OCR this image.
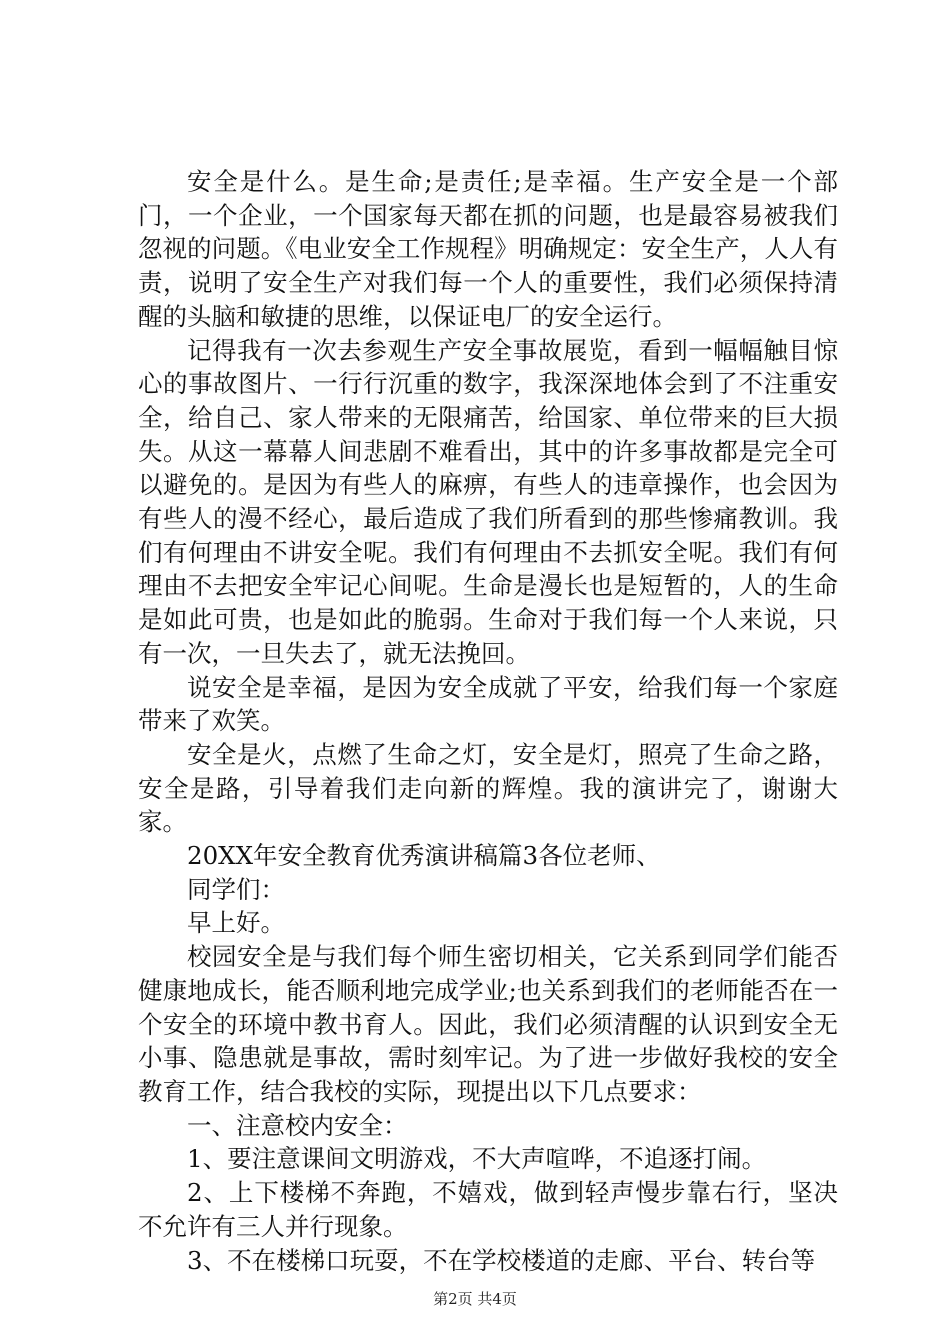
安全是什么。是生命;是责任;是幸福。生产安全是一个部门，一个企业，一个国家每天都在抓的问题，也是最容易被我们忽视的问题。《电业安全工作规程》明确规定：安全生产，人人有责，说明了安全生产对我们每一个人的重要性，我们必须保持清醒的头脑和敏捷的思维，以保证电厂的安全运行。

记得我有一次去参观生产安全事故展览，看到一幅幅触目惊心的事故图片、一行行沉重的数字，我深深地体会到了不注重安全，给自己、家人带来的无限痛苦，给国家、单位带来的巨大损失。从这一幕幕人间悲剧不难看出，其中的许多事故都是完全可以避免的。是因为有些人的麻痹，有些人的违章操作，也会因为有些人的漫不经心，最后造成了我们所看到的那些惨痛教训。我们有何理由不讲安全呢。我们有何理由不去抓安全呢。我们有何理由不去把安全牢记心间呢。生命是漫长也是短暂的，人的生命是如此可贵，也是如此的脆弱。生命对于我们每一个人来说，只有一次，一旦失去了，就无法挽回。

说安全是幸福，是因为安全成就了平安，给我们每一个家庭带来了欢笑。

安全是火，点燃了生命之灯，安全是灯，照亮了生命之路，安全是路，引导着我们走向新的辉煌。我的演讲完了，谢谢大家。

20XX年安全教育优秀演讲稿篇3各位老师、

同学们：

早上好。

校园安全是与我们每个师生密切相关，它关系到同学们能否健康地成长，能否顺利地完成学业;也关系到我们的老师能否在一个安全的环境中教书育人。因此，我们必须清醒的认识到安全无小事、隐患就是事故，需时刻牢记。为了进一步做好我校的安全教育工作，结合我校的实际，现提出以下几点要求：

一、注意校内安全：

1、要注意课间文明游戏，不大声喧哗，不追逐打闹。

2、上下楼梯不奔跑，不嬉戏，做到轻声慢步靠右行，坚决不允许有三人并行现象。

3、不在楼梯口玩耍，不在学校楼道的走廊、平台、转台等

第2页 共4页
